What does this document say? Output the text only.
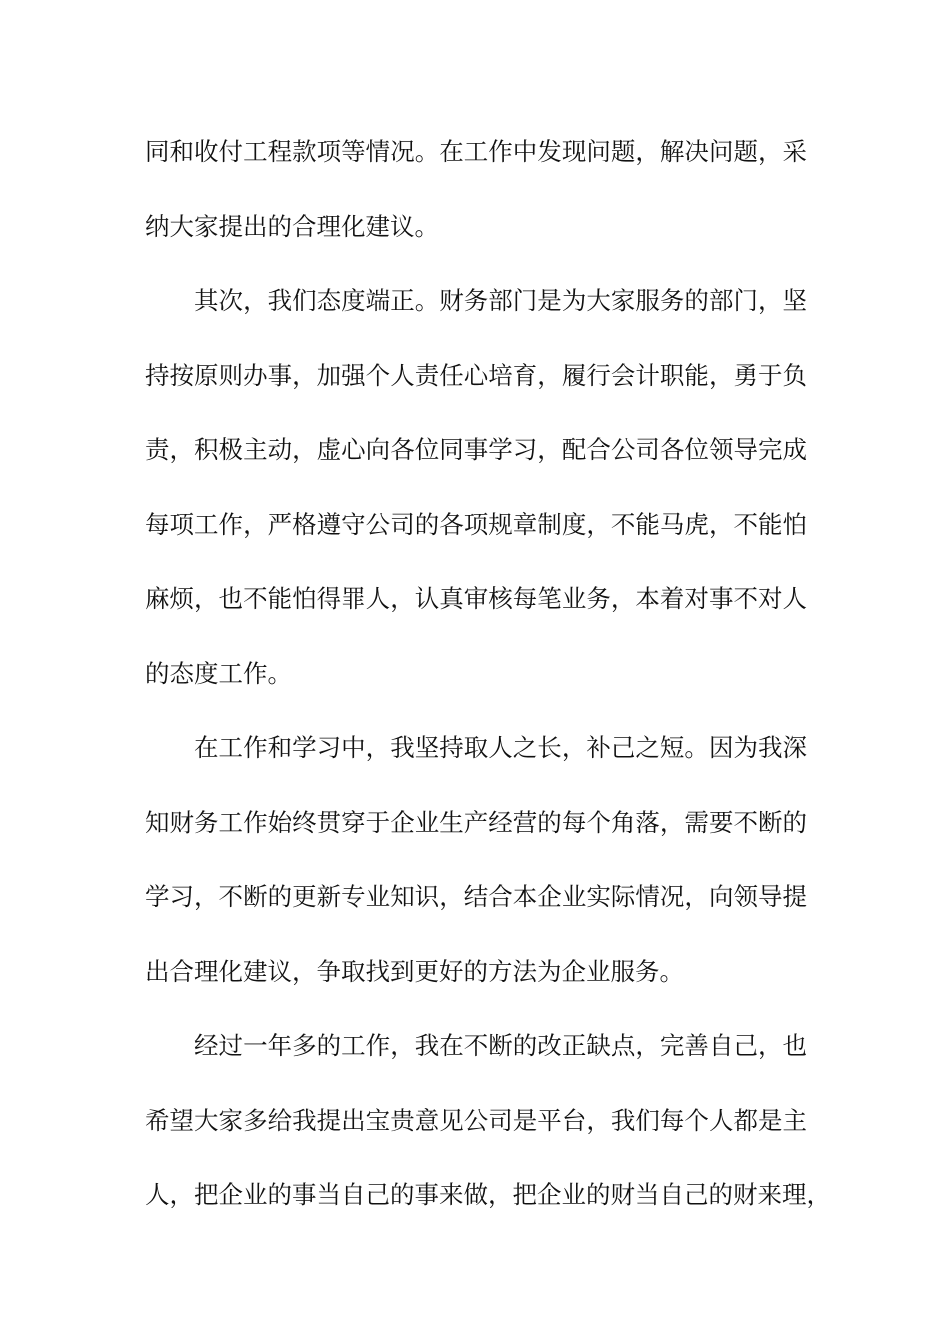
同和收付工程款项等情况。在工作中发现问题，解决问题，采
纳大家提出的合理化建议。
　　其次，我们态度端正。财务部门是为大家服务的部门，坚
持按原则办事，加强个人责任心培育，履行会计职能，勇于负
责，积极主动，虚心向各位同事学习，配合公司各位领导完成
每项工作，严格遵守公司的各项规章制度，不能马虎，不能怕
麻烦，也不能怕得罪人，认真审核每笔业务，本着对事不对人
的态度工作。
　　在工作和学习中，我坚持取人之长，补己之短。因为我深
知财务工作始终贯穿于企业生产经营的每个角落，需要不断的
学习，不断的更新专业知识，结合本企业实际情况，向领导提
出合理化建议，争取找到更好的方法为企业服务。
　　经过一年多的工作，我在不断的改正缺点，完善自己，也
希望大家多给我提出宝贵意见公司是平台，我们每个人都是主
人，把企业的事当自己的事来做，把企业的财当自己的财来理，
